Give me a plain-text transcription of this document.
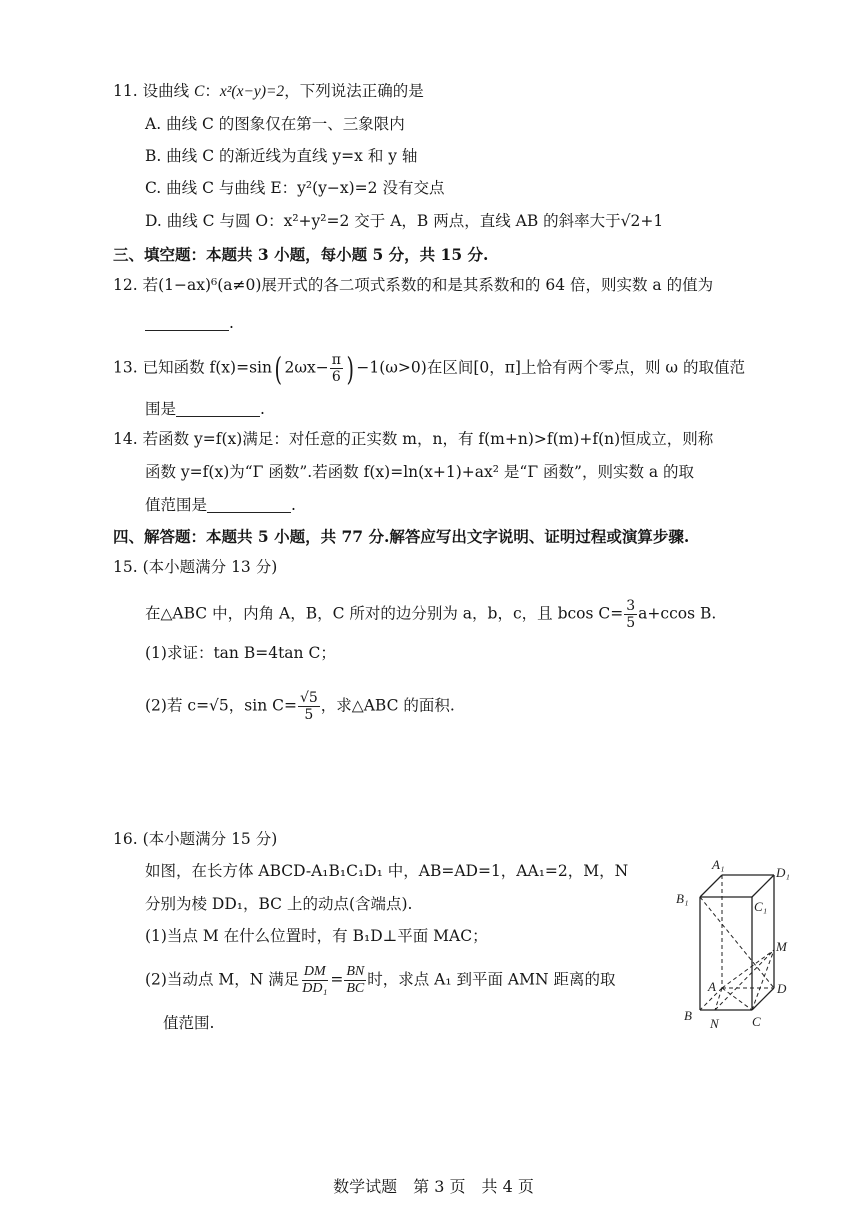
11. 设曲线 C：x²(x−y)=2，下列说法正确的是
A. 曲线 C 的图象仅在第一、三象限内
B. 曲线 C 的渐近线为直线 y=x 和 y 轴
C. 曲线 C 与曲线 E：y²(y−x)=2 没有交点
D. 曲线 C 与圆 O：x²+y²=2 交于 A，B 两点，直线 AB 的斜率大于√2+1
三、填空题：本题共 3 小题，每小题 5 分，共 15 分.
12. 若(1−ax)⁶(a≠0)展开式的各二项式系数的和是其系数和的 64 倍，则实数 a 的值为
.
13. 已知函数 f(x)=sin( $2\omega x- \frac{\pi}{6}$ ) −1(ω>0)在区间[0，π]上恰有两个零点，则 ω 的取值范
围是	.
14. 若函数 y=f(x)满足：对任意的正实数 m，n，有 f(m+n)>f(m)+f(n)恒成立，则称
函数 y=f(x)为“Γ 函数”.若函数 f(x)=ln(x+1)+ax² 是“Γ 函数”，则实数 a 的取
值范围是	.
四、解答题：本题共 5 小题，共 77 分.解答应写出文字说明、证明过程或演算步骤.
15. (本小题满分 13 分)
在△ABC 中，内角 A，B，C 所对的边分别为 a，b，c，且 bcos $C= \frac{3}{5} a+ccos$ B.
(1)求证：tan B=4tan C；
(2)若 c=√5，$\sin C= \frac{√5}{5}$ ，求△ABC 的面积.
16. (本小题满分 15 分)
如图，在长方体 ABCD-A₁B₁C₁D₁ 中，AB=AD=1，AA₁=2，M，N
分别为棱 DD₁，BC 上的动点(含端点).
(1)当点 M 在什么位置时，有 B₁D⊥平面 MAC；
(2)当动点 M，N 满足 $\frac{DM}{\text{DD₁}} = \frac{BN}{BC}$ 时，求点 A₁ 到平面 AMN 距离的取
值范围.
A₁
D₁
B₁
C₁
M
A	D
B
N	C
数学试题　第 3 页　共 4 页
